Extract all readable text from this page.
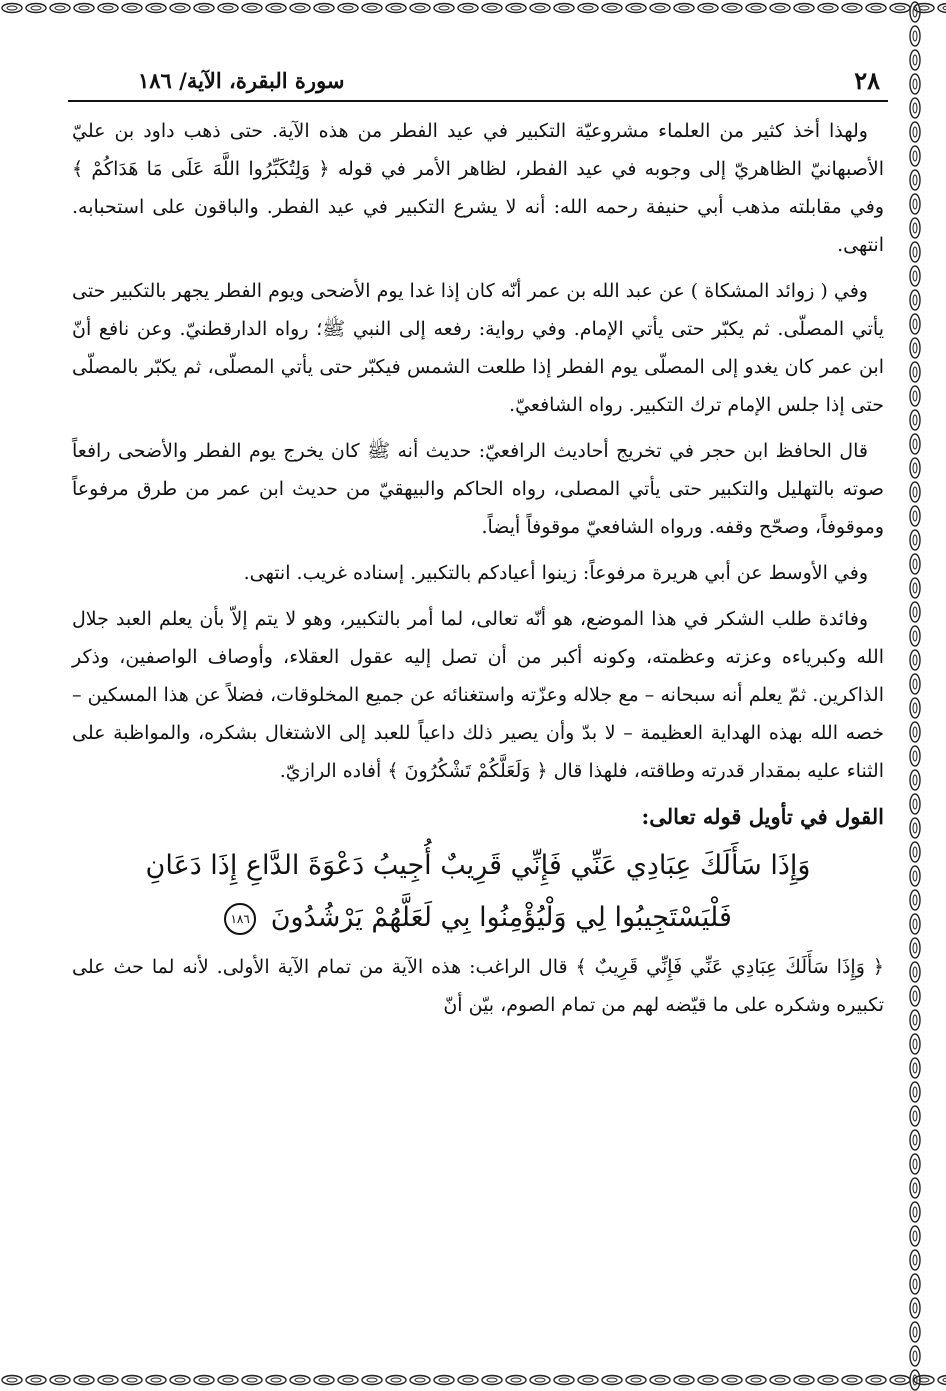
٢٨
سورة البقرة، الآية/ ١٨٦

ولهذا أخذ كثير من العلماء مشروعيّة التكبير في عيد الفطر من هذه الآية. حتى ذهب داود بن عليّ الأصبهانيّ الظاهريّ إلى وجوبه في عيد الفطر، لظاهر الأمر في قوله ﴿ وَلِتُكَبِّرُوا اللَّهَ عَلَى مَا هَدَاكُمْ ﴾ وفي مقابلته مذهب أبي حنيفة رحمه الله: أنه لا يشرع التكبير في عيد الفطر. والباقون على استحبابه. انتهى.

وفي ( زوائد المشكاة ) عن عبد الله بن عمر أنّه كان إذا غدا يوم الأضحى ويوم الفطر يجهر بالتكبير حتى يأتي المصلّى. ثم يكبّر حتى يأتي الإمام. وفي رواية: رفعه إلى النبي ﷺ؛ رواه الدارقطنيّ. وعن نافع أنّ ابن عمر كان يغدو إلى المصلّى يوم الفطر إذا طلعت الشمس فيكبّر حتى يأتي المصلّى، ثم يكبّر بالمصلّى حتى إذا جلس الإمام ترك التكبير. رواه الشافعيّ.

قال الحافظ ابن حجر في تخريج أحاديث الرافعيّ: حديث أنه ﷺ كان يخرج يوم الفطر والأضحى رافعاً صوته بالتهليل والتكبير حتى يأتي المصلى، رواه الحاكم والبيهقيّ من حديث ابن عمر من طرق مرفوعاً وموقوفاً، وصحّح وقفه. ورواه الشافعيّ موقوفاً أيضاً.

وفي الأوسط عن أبي هريرة مرفوعاً: زينوا أعيادكم بالتكبير. إسناده غريب. انتهى.

وفائدة طلب الشكر في هذا الموضع، هو أنّه تعالى، لما أمر بالتكبير، وهو لا يتم إلاّ بأن يعلم العبد جلال الله وكبرياءه وعزته وعظمته، وكونه أكبر من أن تصل إليه عقول العقلاء، وأوصاف الواصفين، وذكر الذاكرين. ثمّ يعلم أنه سبحانه – مع جلاله وعزّته واستغنائه عن جميع المخلوقات، فضلاً عن هذا المسكين – خصه الله بهذه الهداية العظيمة – لا بدّ وأن يصير ذلك داعياً للعبد إلى الاشتغال بشكره، والمواظبة على الثناء عليه بمقدار قدرته وطاقته، فلهذا قال ﴿ وَلَعَلَّكُمْ تَشْكُرُونَ ﴾ أفاده الرازيّ.

القول في تأويل قوله تعالى:
وَإِذَا سَأَلَكَ عِبَادِي عَنِّي فَإِنِّي قَرِيبٌ أُجِيبُ دَعْوَةَ الدَّاعِ إِذَا دَعَانِ
فَلْيَسْتَجِيبُوا لِي وَلْيُؤْمِنُوا بِي لَعَلَّهُمْ يَرْشُدُونَ ١٨٦

﴿ وَإِذَا سَأَلَكَ عِبَادِي عَنِّي فَإِنِّي قَرِيبٌ ﴾ قال الراغب: هذه الآية من تمام الآية الأولى. لأنه لما حث على تكبيره وشكره على ما قيّضه لهم من تمام الصوم، بيّن أنّ
